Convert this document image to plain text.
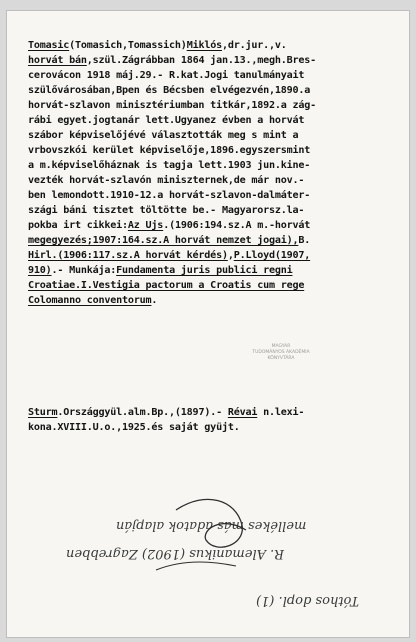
Tomasic(Tomasich,Tomassich)Miklós,dr.jur.,v.
horvát bán,szül.Zágrábban 1864 jan.13.,megh.Bres-
cerovácon 1918 máj.29.- R.kat.Jogi tanulmányait
szülővárosában,Bpen és Bécsben elvégezvén,1890.a
horvát-szlavon minisztériumban titkár,1892.a zág-
rábi egyet.jogtanár lett.Ugyanez évben a horvát
szábor képviselőjévé választották meg s mint a
vrbovszkói kerület képviselője,1896.egyszersmint
a m.képviselőháznak is tagja lett.1903 jun.kine-
vezték horvát-szlavón miniszternek,de már nov.-
ben lemondott.1910-12.a horvát-szlavon-dalmáter-
szági báni tisztet töltötte be.- Magyarorsz.la-
pokba irt cikkei:Az Ujs.(1906:194.sz.A m.-horvát
megegyezés;1907:164.sz.A horvát nemzet jogai),B.
Hirl.(1906:117.sz.A horvát kérdés),P.Lloyd(1907,
910).- Munkája:Fundamenta juris publici regni
Croatiae.I.Vestigia pactorum a Croatis cum rege
Colomanno conventorum.
MAGYAR
TUDOMÁNYOS AKADÉMIA
KÖNYVTÁRA
Sturm.Országgyül.alm.Bp.,(1897).- Révai n.lexi-
kona.XVIII.U.o.,1925.és saját gyüjt.
mellékes más adatok alapján
R. Alemanikus (1902) Zagrebben
Tóthos dopl. (1)
